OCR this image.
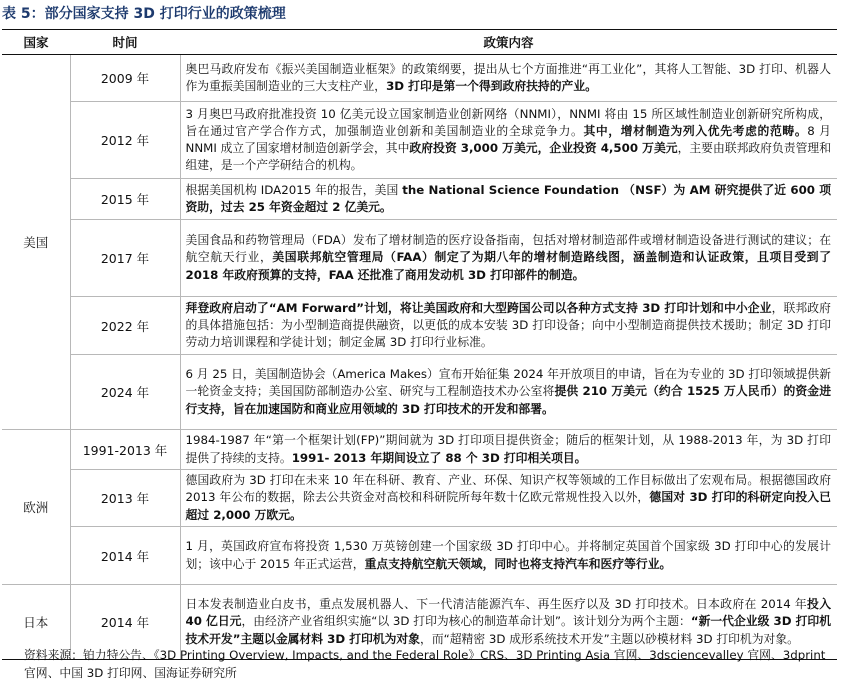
表 5：部分国家支持 3D 打印行业的政策梳理
国家	时间	政策内容
美国	2009 年	奥巴马政府发布《振兴美国制造业框架》的政策纲要，提出从七个方面推进“再工业化”，其将人工智能、3D 打印、机器人作为重振美国制造业的三大支柱产业，3D 打印是第一个得到政府扶持的产业。
	2012 年	3 月奥巴马政府批准投资 10 亿美元设立国家制造业创新网络（NNMI），NNMI 将由 15 所区域性制造业创新研究所构成，旨在通过官产学合作方式，加强制造业创新和美国制造业的全球竞争力。其中，增材制造为列入优先考虑的范畴。8 月 NNMI 成立了国家增材制造创新学会，其中政府投资 3,000 万美元，企业投资 4,500 万美元，主要由联邦政府负责管理和组建，是一个产学研结合的机构。
	2015 年	根据美国机构 IDA2015 年的报告，美国 the National Science Foundation （NSF）为 AM 研究提供了近 600 项资助，过去 25 年资金超过 2 亿美元。
	2017 年	美国食品和药物管理局（FDA）发布了增材制造的医疗设备指南，包括对增材制造部件或增材制造设备进行测试的建议；在航空航天行业，美国联邦航空管理局（FAA）制定了为期八年的增材制造路线图，涵盖制造和认证政策，且项目受到了 2018 年政府预算的支持，FAA 还批准了商用发动机 3D 打印部件的制造。
	2022 年	拜登政府启动了“AM Forward”计划，将让美国政府和大型跨国公司以各种方式支持 3D 打印计划和中小企业，联邦政府的具体措施包括：为小型制造商提供融资，以更低的成本安装 3D 打印设备；向中小型制造商提供技术援助；制定 3D 打印劳动力培训课程和学徒计划；制定金属 3D 打印行业标准。
	2024 年	6 月 25 日，美国制造协会（America Makes）宣布开始征集 2024 年开放项目的申请，旨在为专业的 3D 打印领域提供新一轮资金支持；美国国防部制造办公室、研究与工程制造技术办公室将提供 210 万美元（约合 1525 万人民币）的资金进行支持，旨在加速国防和商业应用领域的 3D 打印技术的开发和部署。
欧洲	1991-2013 年	1984-1987 年“第一个框架计划(FP)”期间就为 3D 打印项目提供资金；随后的框架计划，从 1988-2013 年，为 3D 打印提供了持续的支持。1991- 2013 年期间设立了 88 个 3D 打印相关项目。
	2013 年	德国政府为 3D 打印在未来 10 年在科研、教育、产业、环保、知识产权等领域的工作目标做出了宏观布局。根据德国政府 2013 年公布的数据，除去公共资金对高校和科研院所每年数十亿欧元常规性投入以外，德国对 3D 打印的科研定向投入已超过 2,000 万欧元。
	2014 年	1 月，英国政府宣布将投资 1,530 万英镑创建一个国家级 3D 打印中心。并将制定英国首个国家级 3D 打印中心的发展计划；该中心于 2015 年正式运营，重点支持航空航天领域，同时也将支持汽车和医疗等行业。
日本	2014 年	日本发表制造业白皮书，重点发展机器人、下一代清洁能源汽车、再生医疗以及 3D 打印技术。日本政府在 2014 年投入 40 亿日元，由经济产业省组织实施“以 3D 打印为核心的制造革命计划”。该计划分为两个主题：“新一代企业级 3D 打印机技术开发”主题以金属材料 3D 打印机为对象，而“超精密 3D 成形系统技术开发”主题以砂模材料 3D 打印机为对象。
资料来源：铂力特公告、《3D Printing Overview, Impacts, and the Federal Role》CRS、3D Printing Asia 官网、3dsciencevalley 官网、3dprint 官网、中国 3D 打印网、国海证券研究所
